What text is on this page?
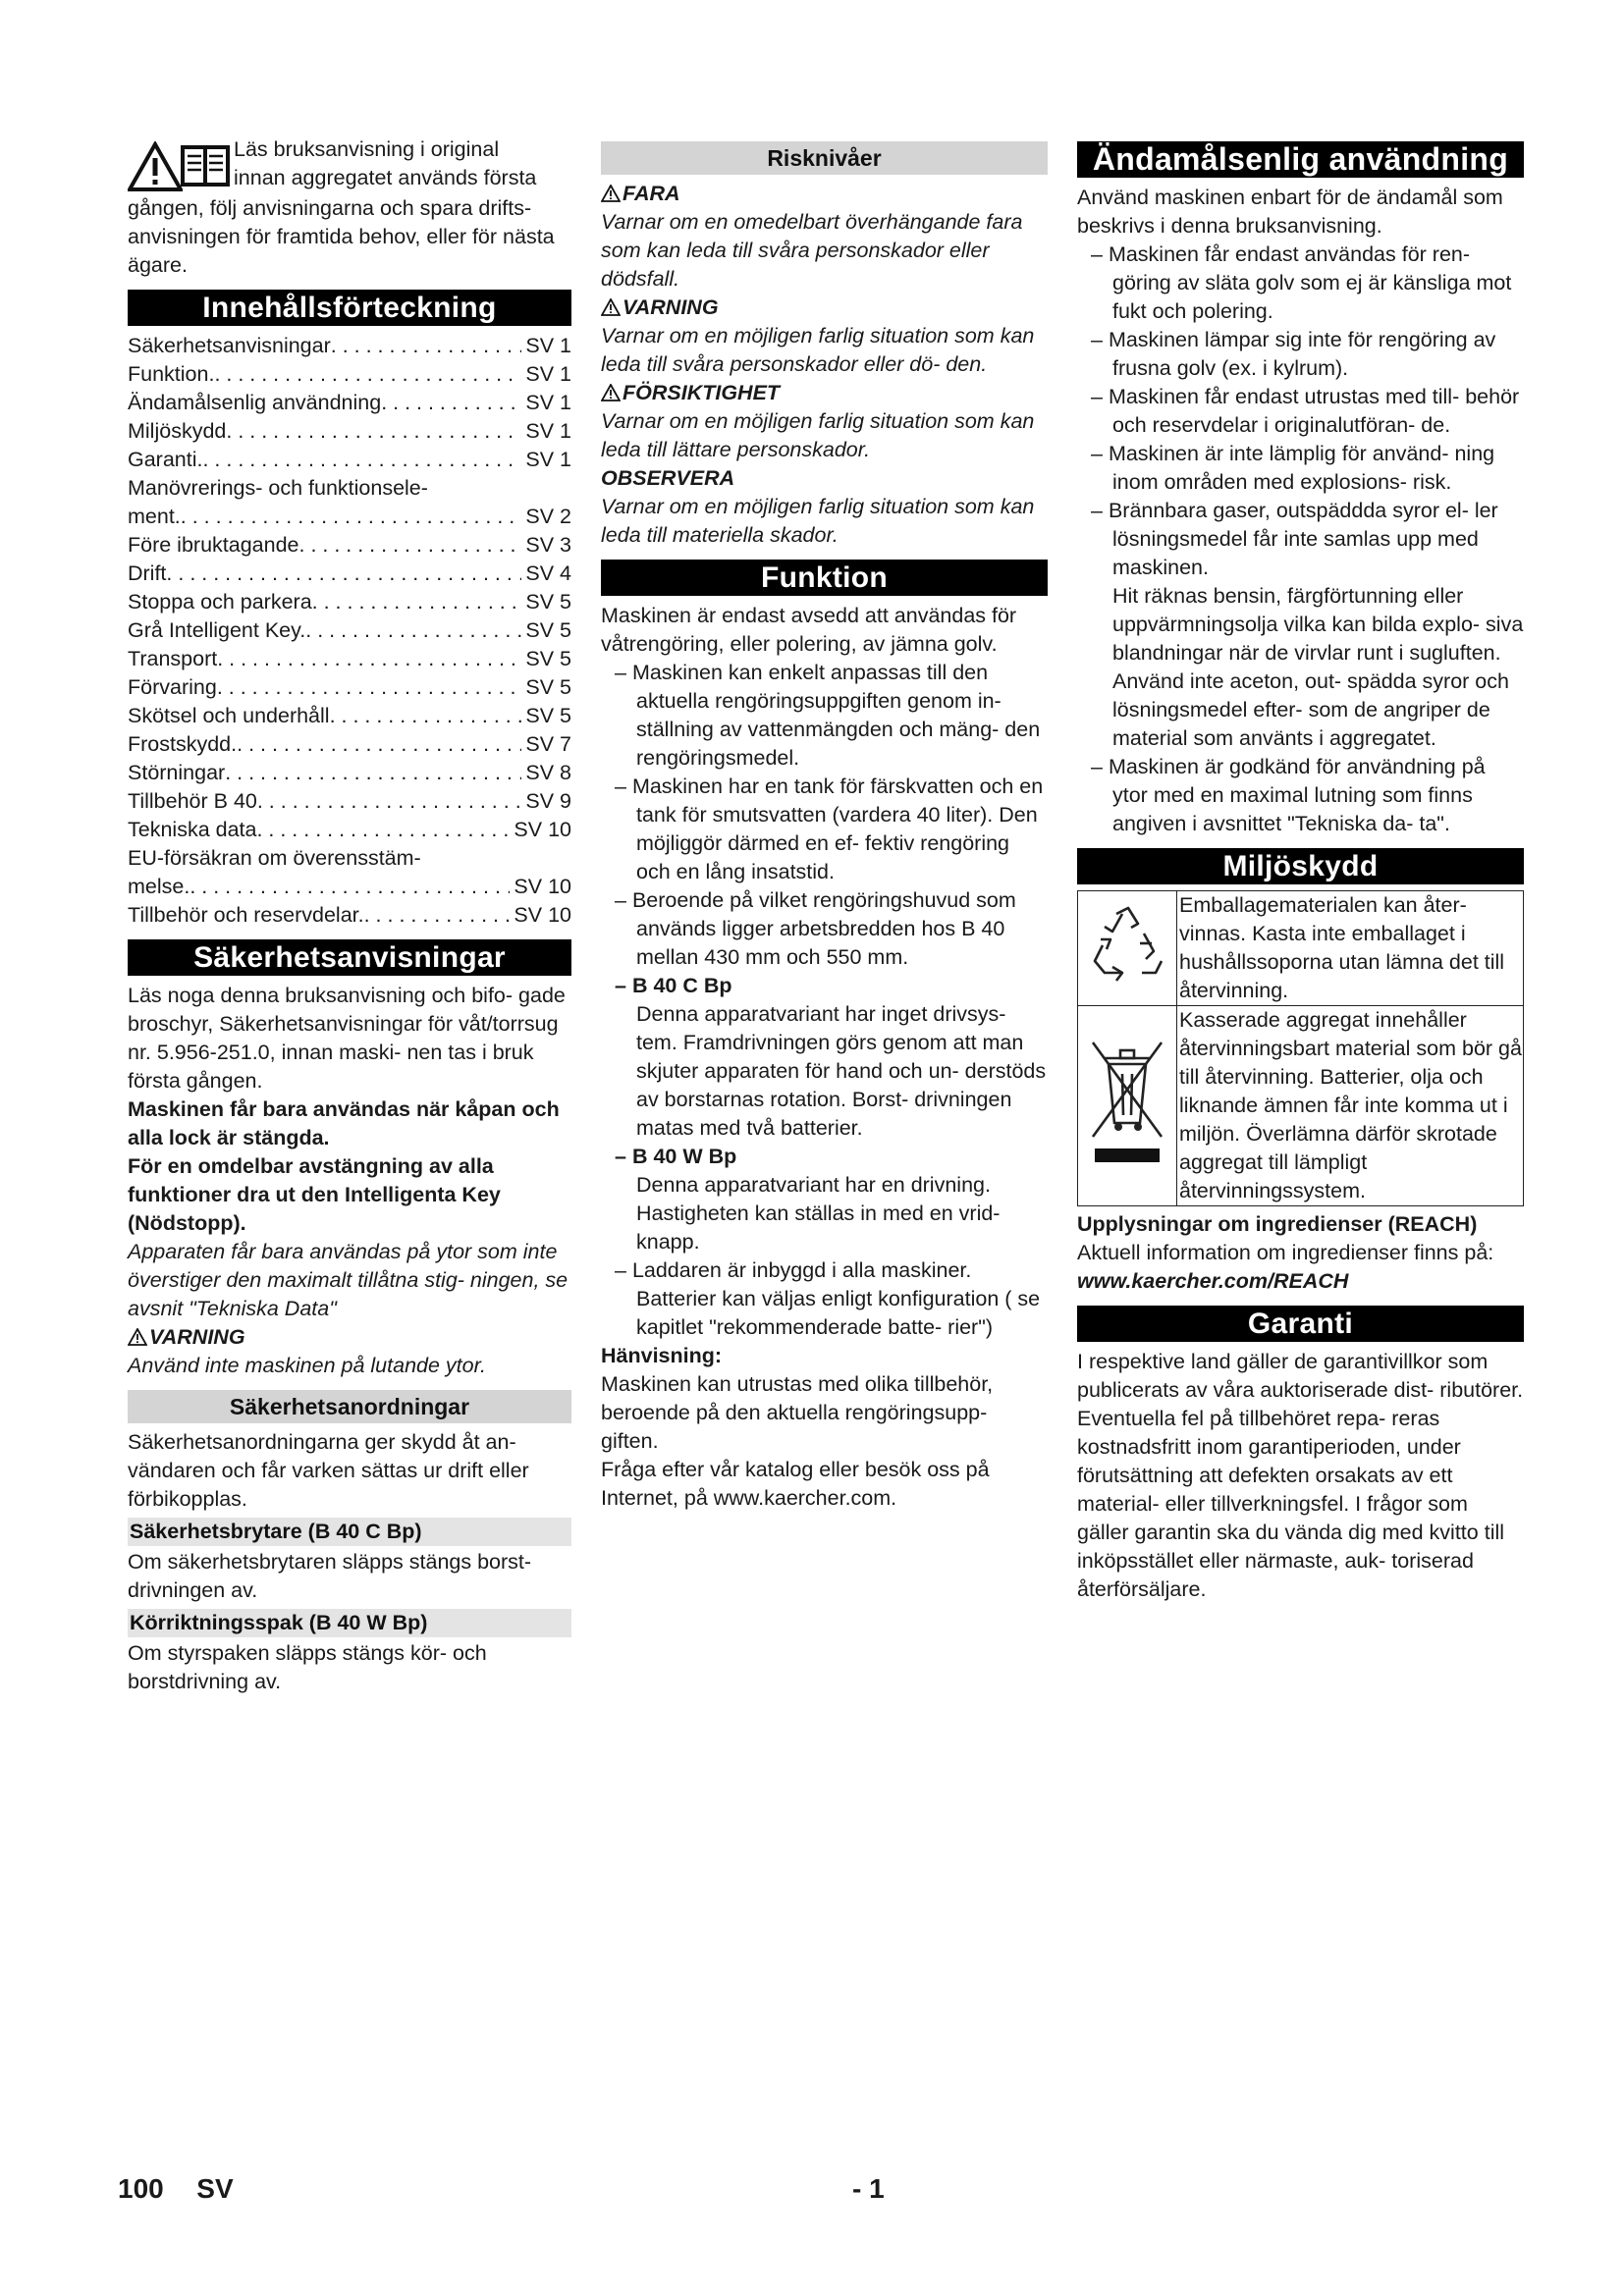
Läs bruksanvisning i original
innan aggregatet används första

gången, följ anvisningarna och spara drifts- anvisningen för framtida behov, eller för nästa ägare.

Innehållsförteckning
Säkerhetsanvisningar . . .	SV 1
Funktion. . . .	SV 1
Ändamålsenlig användning . . .	SV 1
Miljöskydd . . .	SV 1
Garanti. . . .	SV 1
Manövrerings- och funktionsele-
ment. . . .	SV 2
Före ibruktagande . . .	SV 3
Drift . . .	SV 4
Stoppa och parkera . . .	SV 5
Grå Intelligent Key. . . .	SV 5
Transport . . .	SV 5
Förvaring . . .	SV 5
Skötsel och underhåll . . .	SV 5
Frostskydd. . . .	SV 7
Störningar . . .	SV 8
Tillbehör B 40 . . .	SV 9
Tekniska data . . .	SV 10
EU-försäkran om överensstäm-
melse. . . .	SV 10
Tillbehör och reservdelar. . . .	SV 10
Säkerhetsanvisningar

Läs noga denna bruksanvisning och bifo- gade broschyr, Säkerhetsanvisningar för våt/torrsug nr. 5.956-251.0, innan maski- nen tas i bruk första gången.

Maskinen får bara användas när kåpan och alla lock är stängda.

För en omdelbar avstängning av alla funktioner dra ut den Intelligenta Key (Nödstopp).

Apparaten får bara användas på ytor som inte överstiger den maximalt tillåtna stig- ningen, se avsnit "Tekniska Data"

VARNING

Använd inte maskinen på lutande ytor.

Säkerhetsanordningar

Säkerhetsanordningarna ger skydd åt an- vändaren och får varken sättas ur drift eller förbikopplas.

Säkerhetsbrytare (B 40 C Bp)

Om säkerhetsbrytaren släpps stängs borst- drivningen av.

Körriktningsspak (B 40 W Bp)

Om styrspaken släpps stängs kör- och borstdrivning av.

Risknivåer

FARA

Varnar om en omedelbart överhängande fara som kan leda till svåra personskador eller dödsfall.

VARNING

Varnar om en möjligen farlig situation som kan leda till svåra personskador eller dö- den.

FÖRSIKTIGHET

Varnar om en möjligen farlig situation som kan leda till lättare personskador.

OBSERVERA

Varnar om en möjligen farlig situation som kan leda till materiella skador.

Funktion

Maskinen är endast avsedd att användas för våtrengöring, eller polering, av jämna golv.

– Maskinen kan enkelt anpassas till den aktuella rengöringsuppgiften genom in- ställning av vattenmängden och mäng- den rengöringsmedel.
– Maskinen har en tank för färskvatten och en tank för smutsvatten (vardera 40 liter). Den möjliggör därmed en ef- fektiv rengöring och en lång insatstid.
– Beroende på vilket rengöringshuvud som används ligger arbetsbredden hos B 40 mellan 430 mm och 550 mm.
– B 40 C Bp

Denna apparatvariant har inget drivsys- tem. Framdrivningen görs genom att man skjuter apparaten för hand och un- derstöds av borstarnas rotation. Borst- drivningen matas med två batterier.

– B 40 W Bp

Denna apparatvariant har en drivning. Hastigheten kan ställas in med en vrid- knapp.

– Laddaren är inbyggd i alla maskiner. Batterier kan väljas enligt konfiguration ( se kapitlet "rekommenderade batte- rier")

Hänvisning:

Maskinen kan utrustas med olika tillbehör, beroende på den aktuella rengöringsupp- giften.

Fråga efter vår katalog eller besök oss på Internet, på www.kaercher.com.

Ändamålsenlig användning

Använd maskinen enbart för de ändamål som beskrivs i denna bruksanvisning.

– Maskinen får endast användas för ren- göring av släta golv som ej är känsliga mot fukt och polering.
– Maskinen lämpar sig inte för rengöring av frusna golv (ex. i kylrum).
– Maskinen får endast utrustas med till- behör och reservdelar i originalutföran- de.
– Maskinen är inte lämplig för använd- ning inom områden med explosions- risk.
– Brännbara gaser, outspäddda syror el- ler lösningsmedel får inte samlas upp med maskinen.

Hit räknas bensin, färgförtunning eller uppvärmningsolja vilka kan bilda explo- siva blandningar när de virvlar runt i sugluften. Använd inte aceton, out- spädda syror och lösningsmedel efter- som de angriper de material som använts i aggregatet.

– Maskinen är godkänd för användning på ytor med en maximal lutning som finns angiven i avsnittet "Tekniska da- ta".
Miljöskydd
	Emballagematerialen kan åter- vinnas. Kasta inte emballaget i hushållssoporna utan lämna det till återvinning.
	Kasserade aggregat innehåller återvinningsbart material som bör gå till återvinning. Batterier, olja och liknande ämnen får inte komma ut i miljön. Överlämna därför skrotade aggregat till lämpligt återvinningssystem.

Upplysningar om ingredienser (REACH)

Aktuell information om ingredienser finns på:

www.kaercher.com/REACH

Garanti

I respektive land gäller de garantivillkor som publicerats av våra auktoriserade dist- ributörer. Eventuella fel på tillbehöret repa- reras kostnadsfritt inom garantiperioden, under förutsättning att defekten orsakats av ett material- eller tillverkningsfel. I frågor som gäller garantin ska du vända dig med kvitto till inköpsstället eller närmaste, auk- toriserad återförsäljare.

100 SV	- 1
